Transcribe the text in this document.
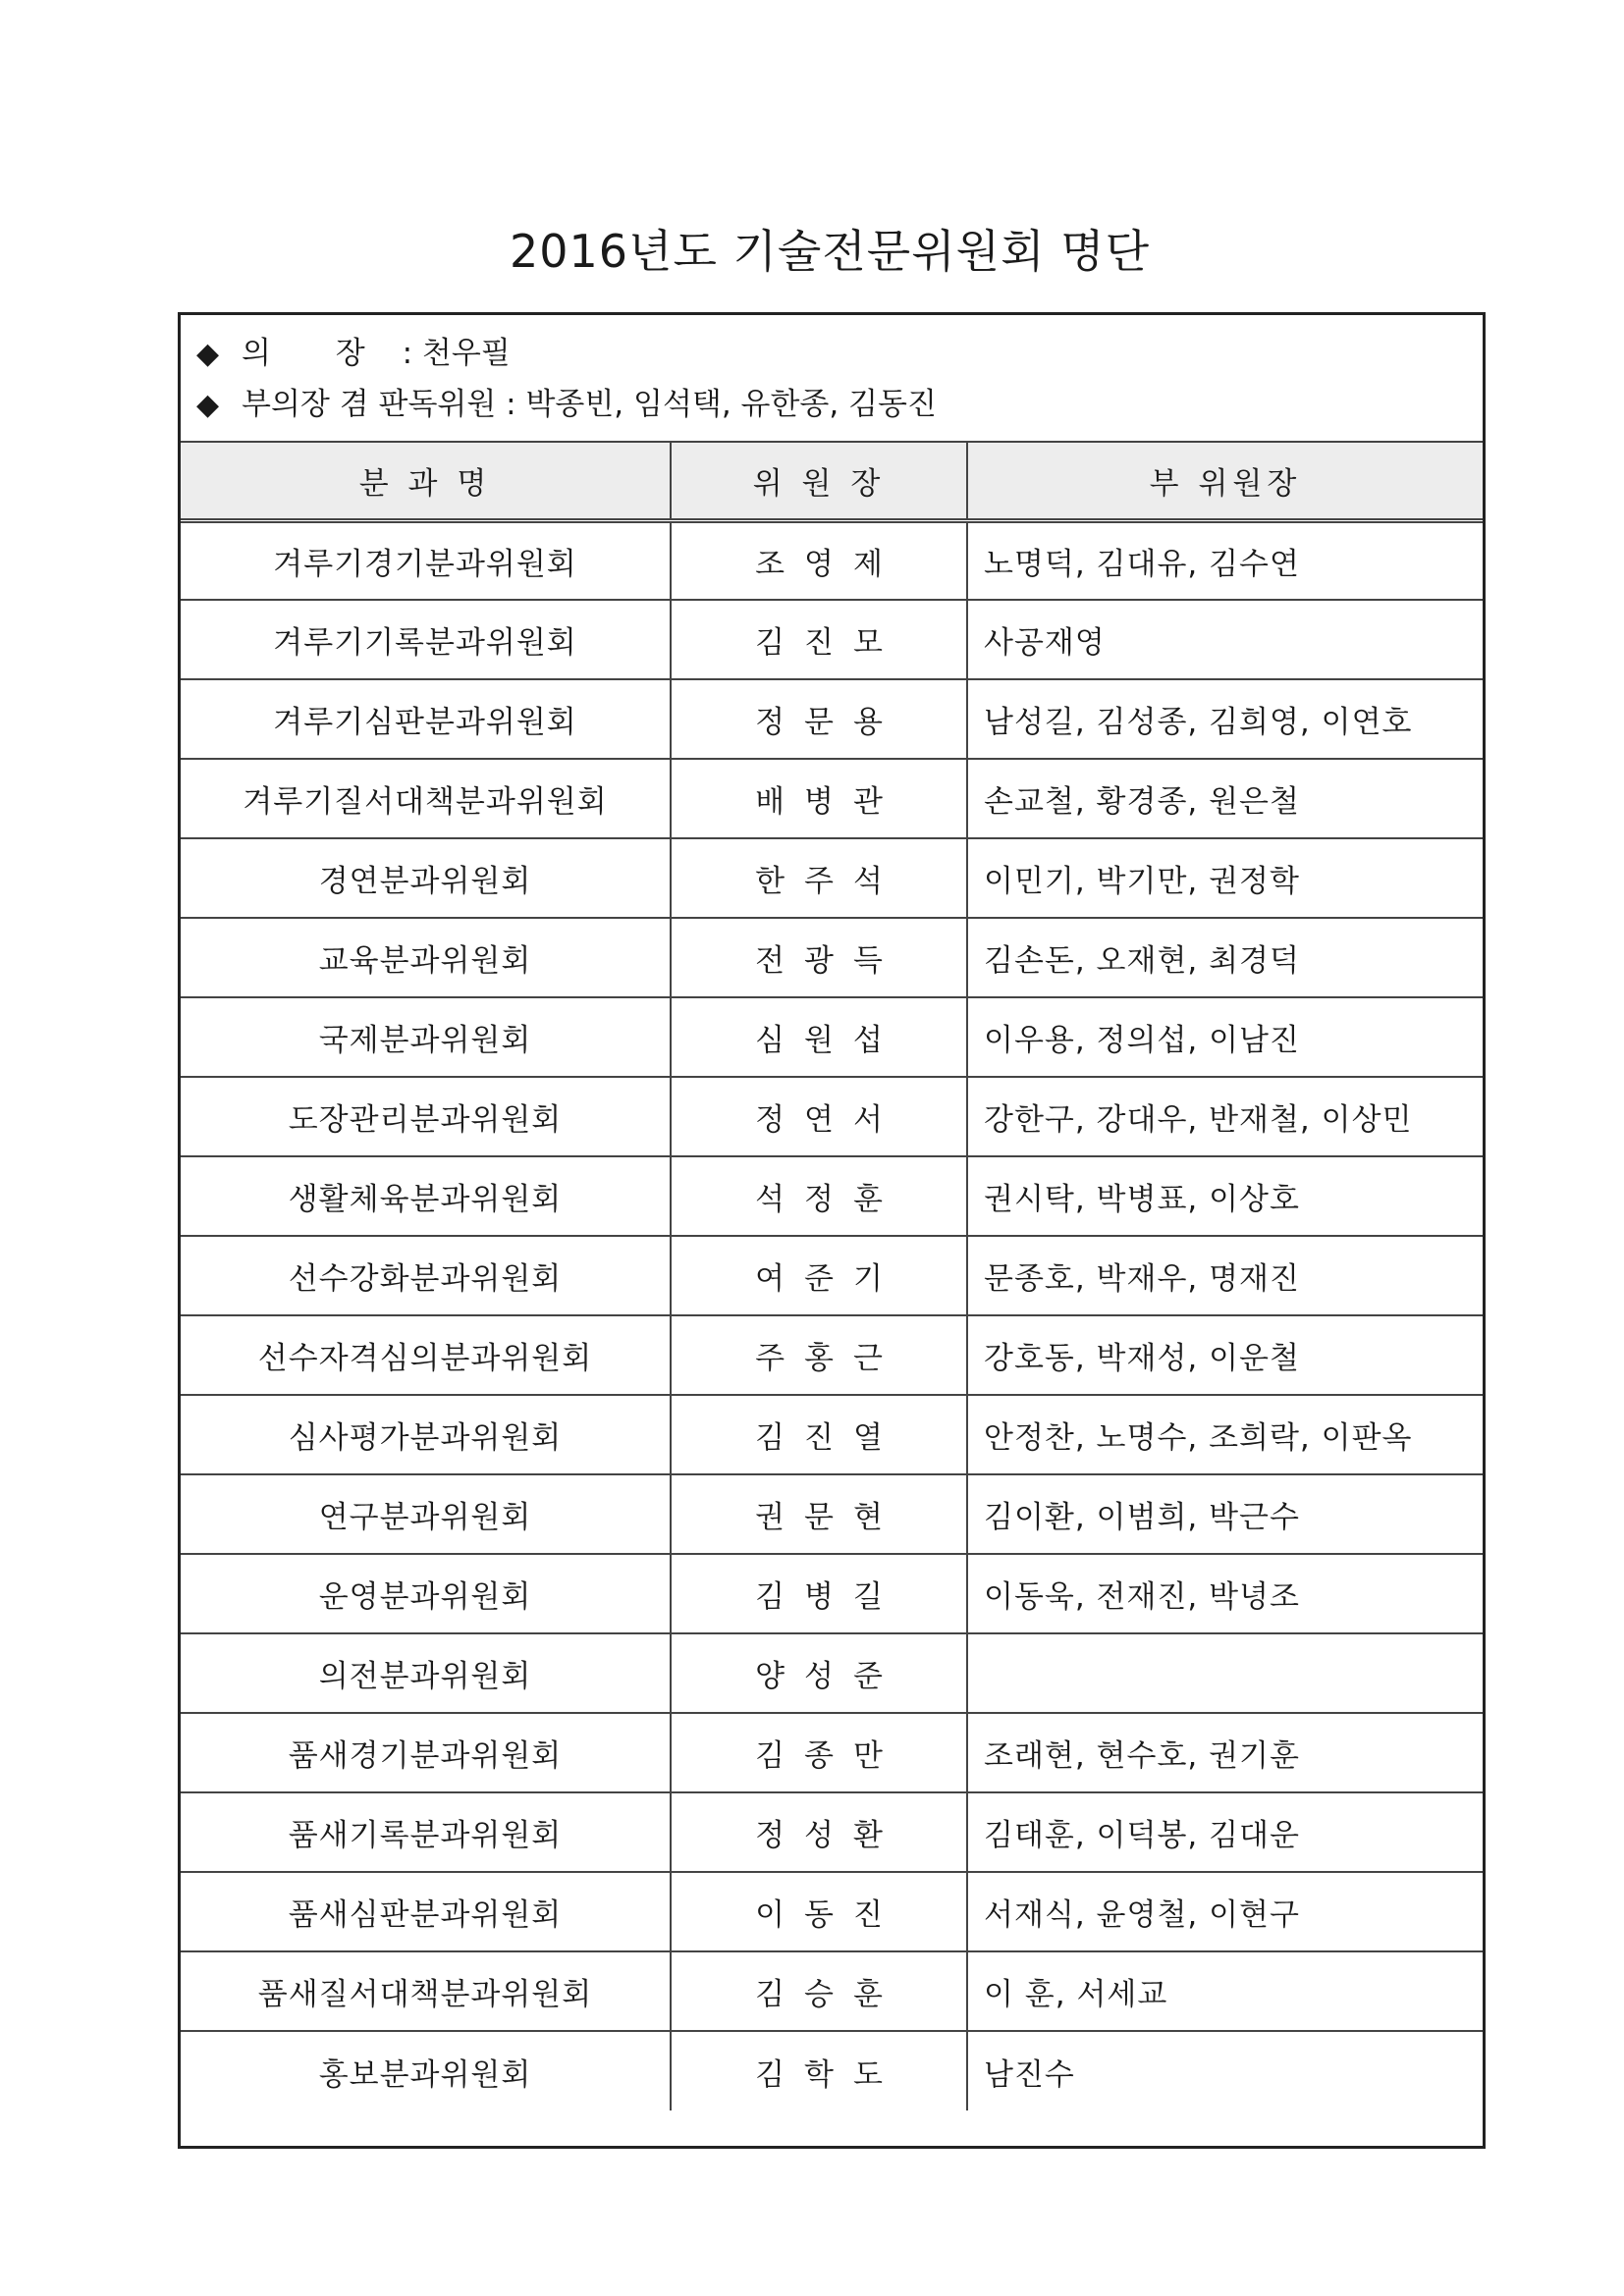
2016년도 기술전문위원회 명단
◆ 의 장 : 천우필
◆ 부의장 겸 판독위원 : 박종빈, 임석택, 유한종, 김동진
분 과 명	위 원 장	부 위원장
겨루기경기분과위원회	조영제	노명덕, 김대유, 김수연
겨루기기록분과위원회	김진모	사공재영
겨루기심판분과위원회	정문용	남성길, 김성종, 김희영, 이연호
겨루기질서대책분과위원회	배병관	손교철, 황경종, 원은철
경연분과위원회	한주석	이민기, 박기만, 권정학
교육분과위원회	전광득	김손돈, 오재현, 최경덕
국제분과위원회	심원섭	이우용, 정의섭, 이남진
도장관리분과위원회	정연서	강한구, 강대우, 반재철, 이상민
생활체육분과위원회	석정훈	권시탁, 박병표, 이상호
선수강화분과위원회	여준기	문종호, 박재우, 명재진
선수자격심의분과위원회	주홍근	강호동, 박재성, 이운철
심사평가분과위원회	김진열	안정찬, 노명수, 조희락, 이판옥
연구분과위원회	권문현	김이환, 이범희, 박근수
운영분과위원회	김병길	이동욱, 전재진, 박녕조
의전분과위원회	양성준	
품새경기분과위원회	김종만	조래현, 현수호, 권기훈
품새기록분과위원회	정성환	김태훈, 이덕봉, 김대운
품새심판분과위원회	이동진	서재식, 윤영철, 이현구
품새질서대책분과위원회	김승훈	이 훈, 서세교
홍보분과위원회	김학도	남진수
